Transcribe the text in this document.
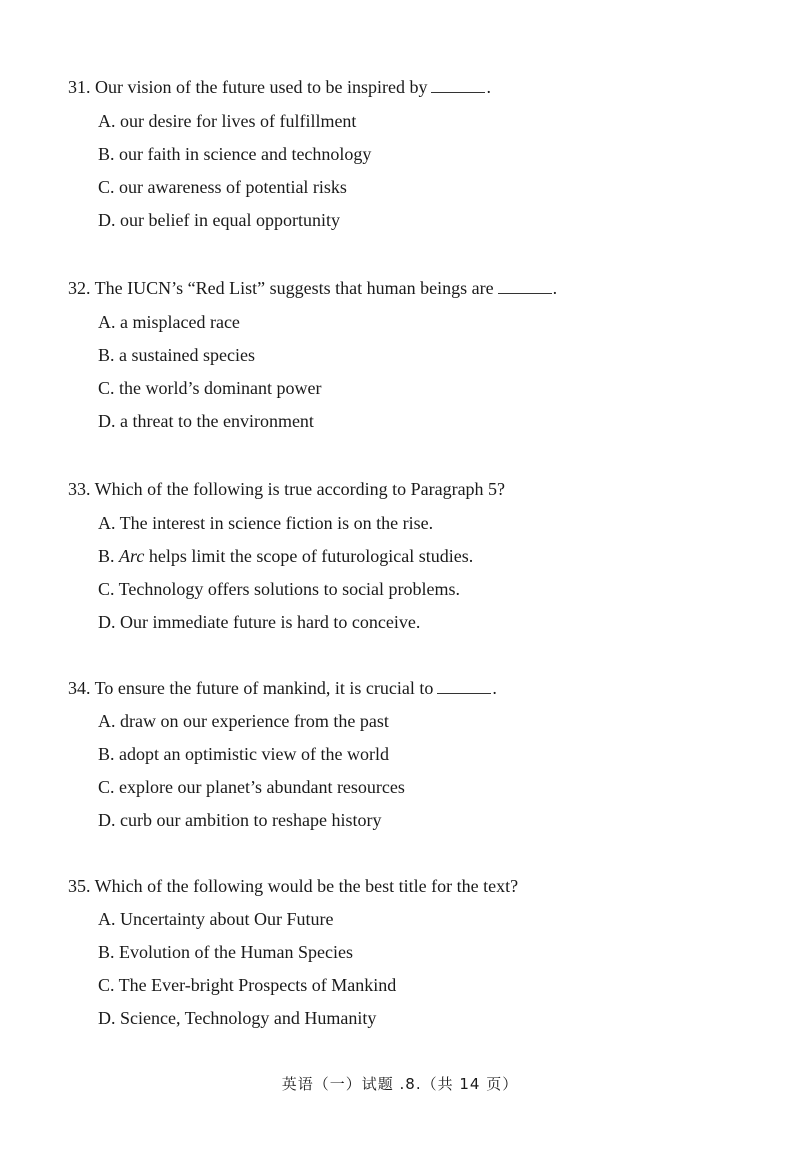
31. Our vision of the future used to be inspired by	.
A. our desire for lives of fulfillment
B. our faith in science and technology
C. our awareness of potential risks
D. our belief in equal opportunity
32. The IUCN’s “Red List” suggests that human beings are	.
A. a misplaced race
B. a sustained species
C. the world’s dominant power
D. a threat to the environment
33. Which of the following is true according to Paragraph 5?
A. The interest in science fiction is on the rise.
B. Arc helps limit the scope of futurological studies.
C. Technology offers solutions to social problems.
D. Our immediate future is hard to conceive.
34. To ensure the future of mankind, it is crucial to	.
A. draw on our experience from the past
B. adopt an optimistic view of the world
C. explore our planet’s abundant resources
D. curb our ambition to reshape history
35. Which of the following would be the best title for the text?
A. Uncertainty about Our Future
B. Evolution of the Human Species
C. The Ever-bright Prospects of Mankind
D. Science, Technology and Humanity
英语（一）试题 .8.（共 14 页）
